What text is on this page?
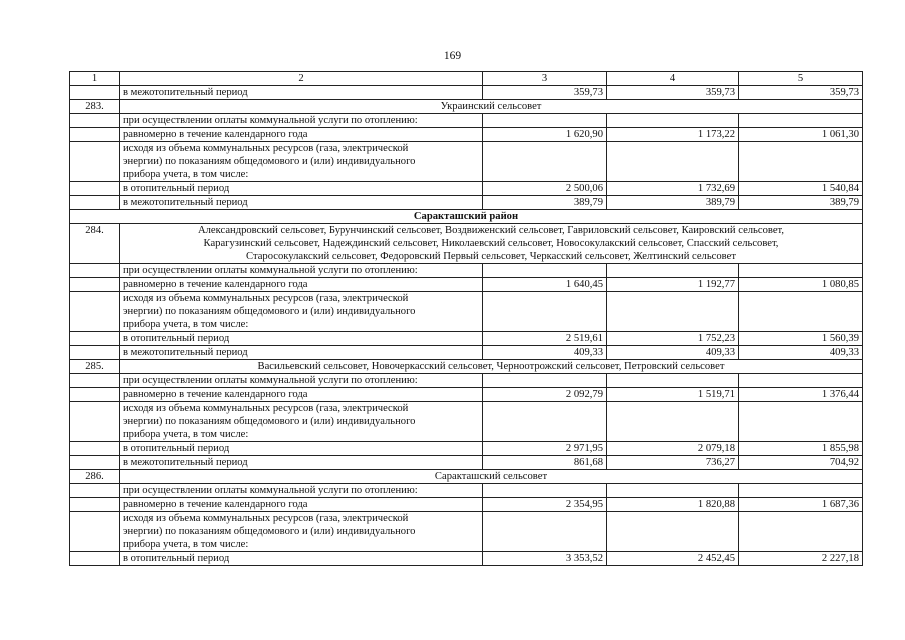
169
1	2	3	4	5
	в межотопительный период	359,73	359,73	359,73
283.	Украинский сельсовет			
	при осуществлении оплаты коммунальной услуги по отоплению:			
	равномерно в течение календарного года	1 620,90	1 173,22	1 061,30

	исходя из объема коммунальных ресурсов (газа, электрической
энергии) по показаниям общедомового и (или) индивидуального
прибора учета, в том числе:			

	в отопительный период	2 500,06	1 732,69	1 540,84
	в межотопительный период	389,79	389,79	389,79
Саракташский район				
284.	Александровский сельсовет, Бурунчинский сельсовет, Воздвиженский сельсовет, Гавриловский сельсовет, Каировский сельсовет,
Карагузинский сельсовет, Надеждинский сельсовет, Николаевский сельсовет, Новосокулакский сельсовет, Спасский сельсовет,
Старосокулакский сельсовет, Федоровский Первый сельсовет, Черкасский сельсовет, Желтинский сельсовет			

	при осуществлении оплаты коммунальной услуги по отоплению:			
	равномерно в течение календарного года	1 640,45	1 192,77	1 080,85

	исходя из объема коммунальных ресурсов (газа, электрической
энергии) по показаниям общедомового и (или) индивидуального
прибора учета, в том числе:			

	в отопительный период	2 519,61	1 752,23	1 560,39
	в межотопительный период	409,33	409,33	409,33
285.	Васильевский сельсовет, Новочеркасский сельсовет, Черноотрожский сельсовет, Петровский сельсовет			
	при осуществлении оплаты коммунальной услуги по отоплению:			
	равномерно в течение календарного года	2 092,79	1 519,71	1 376,44

	исходя из объема коммунальных ресурсов (газа, электрической
энергии) по показаниям общедомового и (или) индивидуального
прибора учета, в том числе:			

	в отопительный период	2 971,95	2 079,18	1 855,98
	в межотопительный период	861,68	736,27	704,92
286.	Саракташский сельсовет			
	при осуществлении оплаты коммунальной услуги по отоплению:			
	равномерно в течение календарного года	2 354,95	1 820,88	1 687,36

	исходя из объема коммунальных ресурсов (газа, электрической
энергии) по показаниям общедомового и (или) индивидуального
прибора учета, в том числе:			

	в отопительный период	3 353,52	2 452,45	2 227,18
